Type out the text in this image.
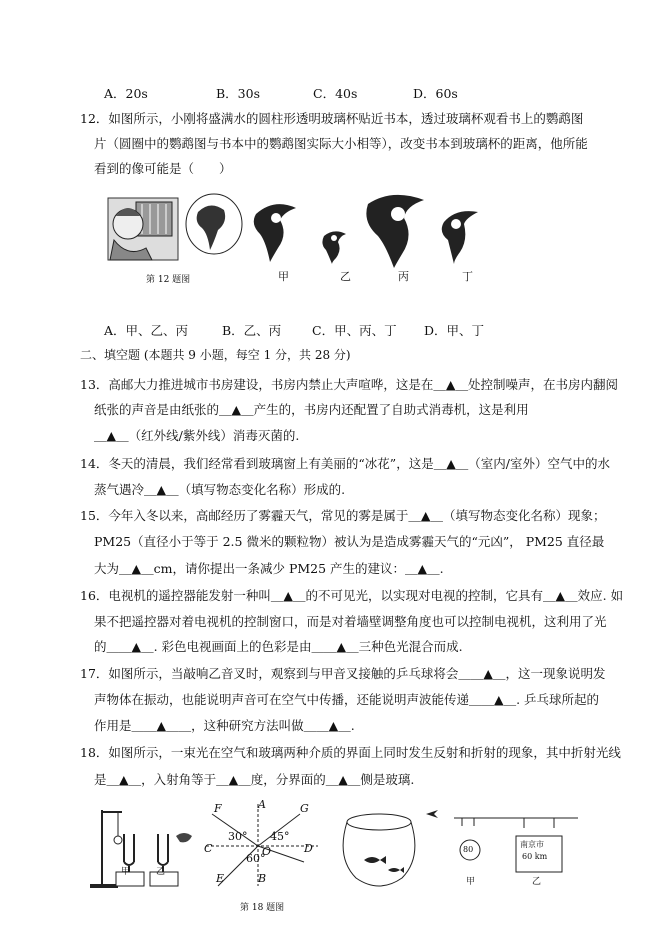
A．20s	B．30s	C．40s	D．60s
12．如图所示，小刚将盛满水的圆柱形透明玻璃杯贴近书本，透过玻璃杯观看书上的鹦鹉图
片（圆圈中的鹦鹉图与书本中的鹦鹉图实际大小相等），改变书本到玻璃杯的距离，他所能
看到的像可能是（　　）
第 12 题图	甲	乙	丙	丁
A．甲、乙、丙	B．乙、丙 C．甲、丙、丁 D．甲、丁
二、填空题 (本题共 9 小题，每空 1 分，共 28 分)
13．高邮大力推进城市书房建设，书房内禁止大声喧哗，这是在＿▲＿处控制噪声，在书房内翻阅
纸张的声音是由纸张的＿▲＿产生的，书房内还配置了自助式消毒机，这是利用
＿▲＿（红外线/紫外线）消毒灭菌的.
14．冬天的清晨，我们经常看到玻璃窗上有美丽的“冰花”，这是＿▲＿（室内/室外）空气中的水
蒸气遇冷＿▲＿（填写物态变化名称）形成的.
15．今年入冬以来，高邮经历了雾霾天气，常见的雾是属于＿▲＿（填写物态变化名称）现象；
PM25（直径小于等于 2.5 微米的颗粒物）被认为是造成雾霾天气的“元凶”， PM25 直径最
大为＿▲＿cm，请你提出一条减少 PM25 产生的建议：＿▲＿.
16．电视机的遥控器能发射一种叫＿▲＿的不可见光，以实现对电视的控制，它具有＿▲＿效应. 如
果不把遥控器对着电视机的控制窗口，而是对着墙壁调整角度也可以控制电视机，这利用了光
的＿＿▲＿. 彩色电视画面上的色彩是由＿＿▲＿三种色光混合而成.
17．如图所示，当敲响乙音叉时，观察到与甲音叉接触的乒乓球将会＿＿▲＿，这一现象说明发
声物体在振动，也能说明声音可在空气中传播，还能说明声波能传递＿＿▲＿. 乒乓球所起的
作用是＿＿▲＿＿，这种研究方法叫做＿＿▲＿.
18．如图所示，一束光在空气和玻璃两种介质的界面上同时发生反射和折射的现象，其中折射光线
是＿▲＿，入射角等于＿▲＿度，分界面的＿▲＿侧是玻璃.
甲	乙
F	A	G
C	O	D
E	B
30° 45°
60°
80
南京市
60 km
甲	乙
第 18 题图
